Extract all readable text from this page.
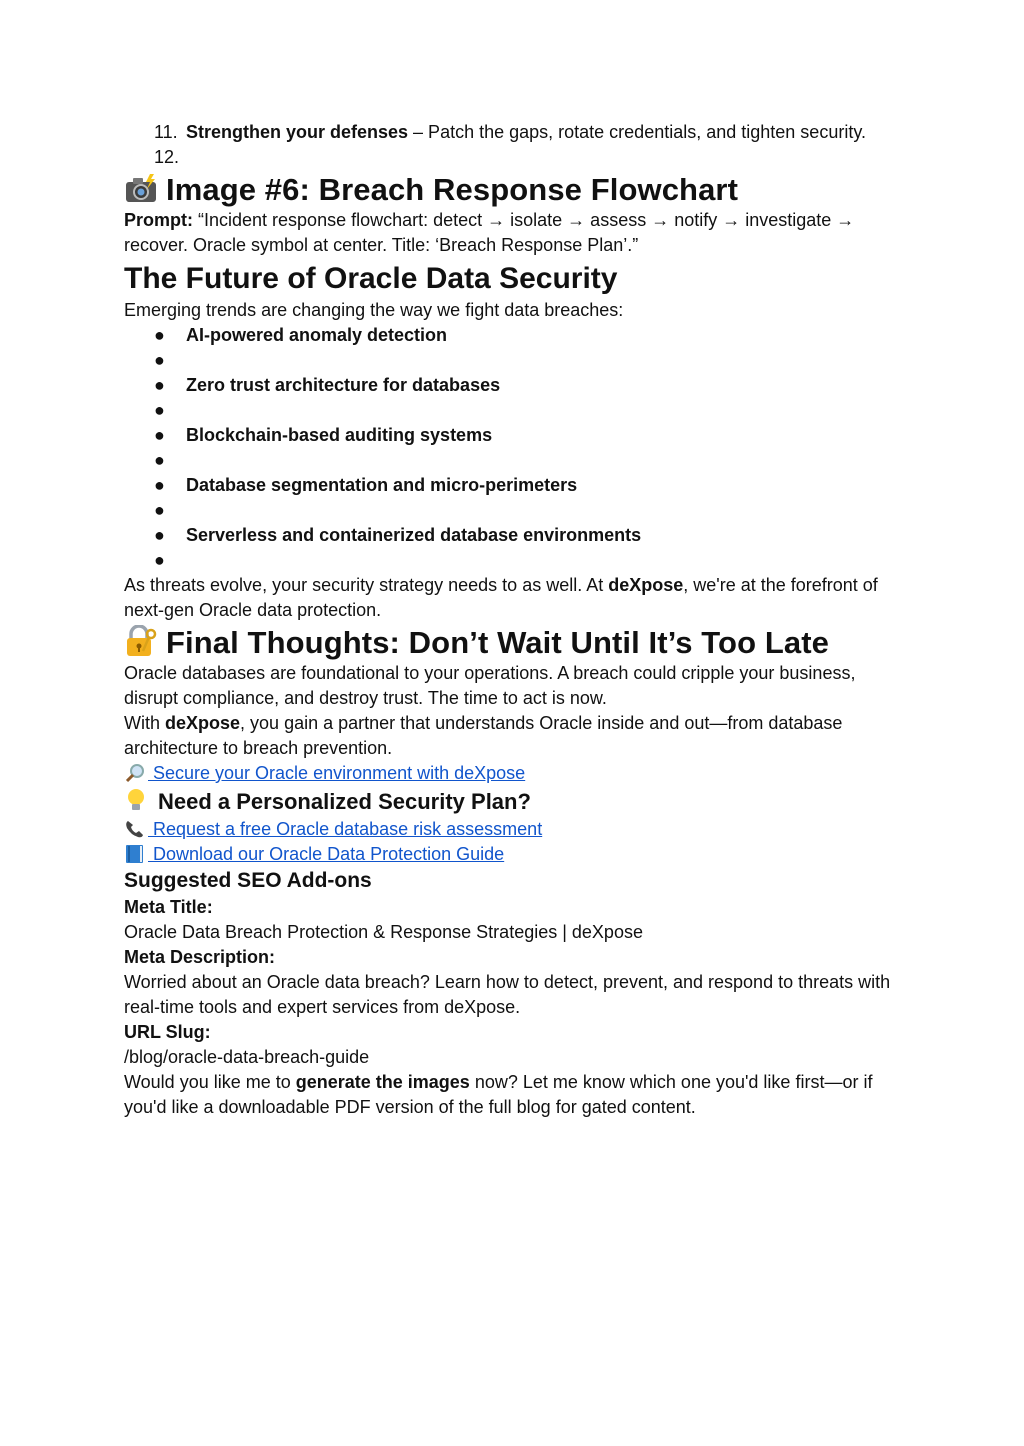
11. Strengthen your defenses – Patch the gaps, rotate credentials, and tighten security.
12.
Image #6: Breach Response Flowchart

Prompt: “Incident response flowchart: detect → isolate → assess → notify → investigate → recover. Oracle symbol at center. Title: ‘Breach Response Plan’.”

The Future of Oracle Data Security

Emerging trends are changing the way we fight data breaches:

●	AI-powered anomaly detection
●
●	Zero trust architecture for databases
●
●	Blockchain-based auditing systems
●
●	Database segmentation and micro-perimeters
●
●	Serverless and containerized database environments
●

As threats evolve, your security strategy needs to as well. At deXpose, we're at the forefront of next-gen Oracle data protection.

Final Thoughts: Don’t Wait Until It’s Too Late

Oracle databases are foundational to your operations. A breach could cripple your business, disrupt compliance, and destroy trust. The time to act is now.

With deXpose, you gain a partner that understands Oracle inside and out—from database architecture to breach prevention.

Secure your Oracle environment with deXpose

Need a Personalized Security Plan?

Request a free Oracle database risk assessment

Download our Oracle Data Protection Guide

Suggested SEO Add-ons

Meta Title:

Oracle Data Breach Protection & Response Strategies | deXpose

Meta Description:

Worried about an Oracle data breach? Learn how to detect, prevent, and respond to threats with real-time tools and expert services from deXpose.

URL Slug:

/blog/oracle-data-breach-guide

Would you like me to generate the images now? Let me know which one you'd like first—or if you'd like a downloadable PDF version of the full blog for gated content.
